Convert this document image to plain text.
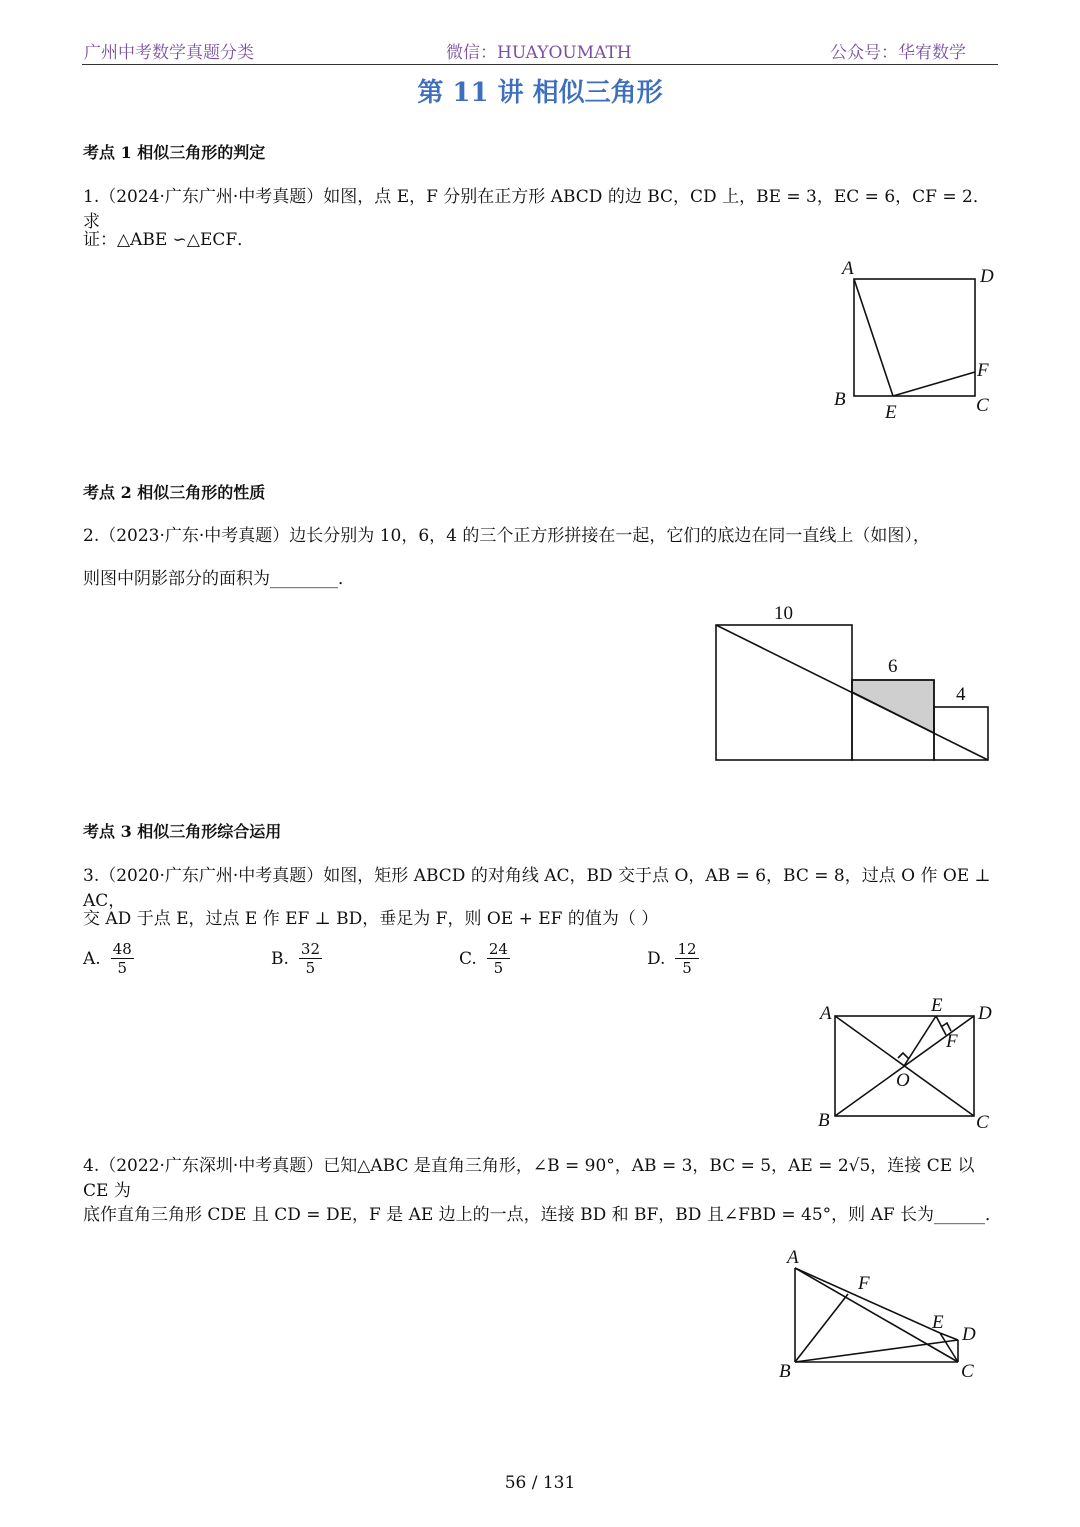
广州中考数学真题分类	微信：HUAYOUMATH	公众号：华宥数学
第 11 讲 相似三角形
考点 1 相似三角形的判定
1.（2024·广东广州·中考真题）如图，点 E，F 分别在正方形 ABCD 的边 BC，CD 上，BE = 3，EC = 6，CF = 2．求
证：△ABE ∽△ECF．
考点 2 相似三角形的性质
2.（2023·广东·中考真题）边长分别为 10，6，4 的三个正方形拼接在一起，它们的底边在同一直线上（如图），
则图中阴影部分的面积为________．
考点 3 相似三角形综合运用
3.（2020·广东广州·中考真题）如图，矩形 ABCD 的对角线 AC，BD 交于点 O，AB = 6，BC = 8，过点 O 作 OE ⊥ AC，
交 AD 于点 E，过点 E 作 EF ⊥ BD，垂足为 F，则 OE + EF 的值为（ ）
A. $\frac{48}{5}$	B. $\frac{32}{5}$	C. $\frac{24}{5}$	D. $\frac{12}{5}$
4.（2022·广东深圳·中考真题）已知△ABC 是直角三角形，∠B = 90°，AB = 3，BC = 5，AE = 2√5，连接 CE 以 CE 为
底作直角三角形 CDE 且 CD = DE，F 是 AE 边上的一点，连接 BD 和 BF，BD 且∠FBD = 45°，则 AF 长为______．
A	D
F
B
E	C
10
6
4
A	E D
F
O
B	C
A
F
E
D
B	C
56 / 131
